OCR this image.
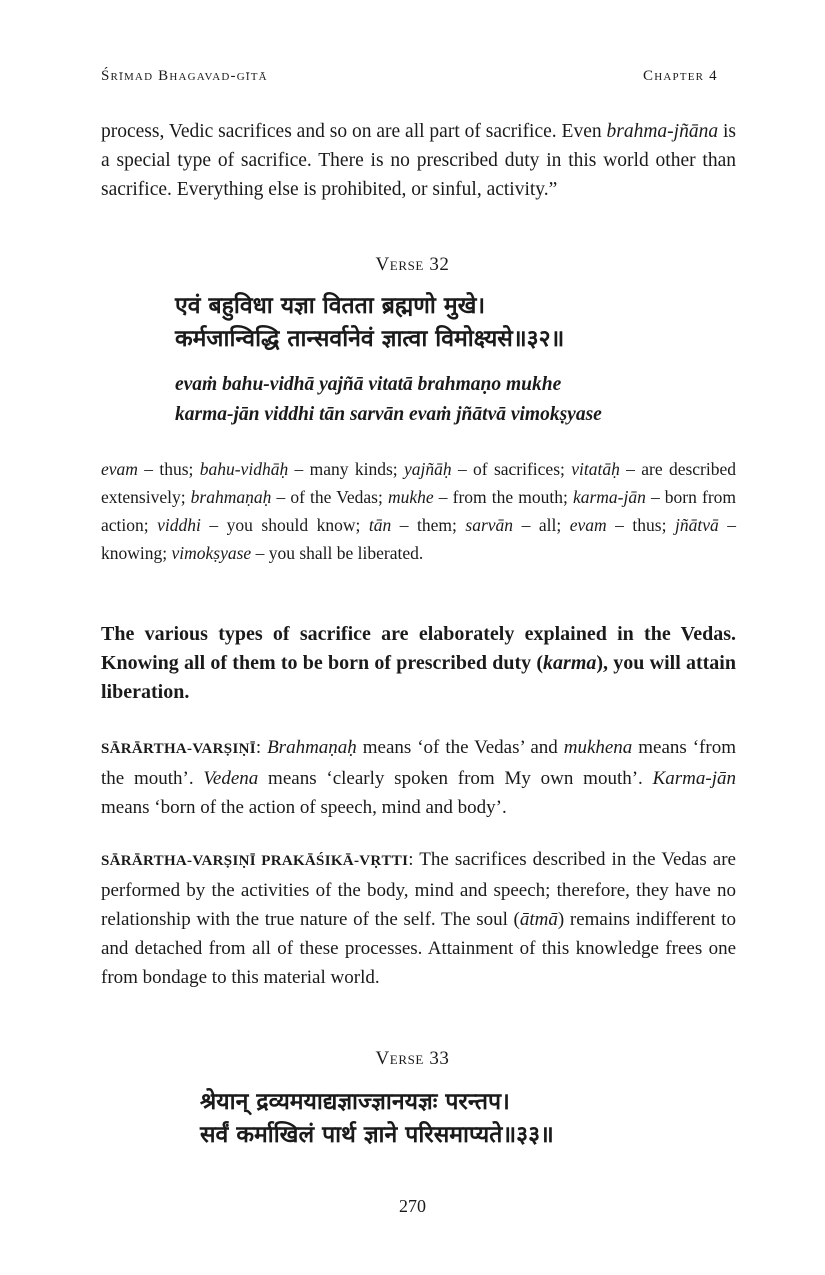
Śrīmad Bhagavad-gītā	Chapter 4

process, Vedic sacrifices and so on are all part of sacrifice. Even brahma-jñāna is a special type of sacrifice. There is no prescribed duty in this world other than sacrifice. Everything else is prohibited, or sinful, activity.”

Verse 32
एवं बहुविधा यज्ञा वितता ब्रह्मणो मुखे।
कर्मजान्विद्धि तान्सर्वानेवं ज्ञात्वा विमोक्ष्यसे॥३२॥
evaṁ bahu-vidhā yajñā vitatā brahmaṇo mukhe
karma-jān viddhi tān sarvān evaṁ jñātvā vimokṣyase

evam – thus; bahu-vidhāḥ – many kinds; yajñāḥ – of sacrifices; vitatāḥ – are described extensively; brahmaṇaḥ – of the Vedas; mukhe – from the mouth; karma-jān – born from action; viddhi – you should know; tān – them; sarvān – all; evam – thus; jñātvā – knowing; vimokṣyase – you shall be liberated.

The various types of sacrifice are elaborately explained in the Vedas. Knowing all of them to be born of prescribed duty (karma), you will attain liberation.

SĀRĀRTHA-VARṢIṆĪ: Brahmaṇaḥ means ‘of the Vedas’ and mukhena means ‘from the mouth’. Vedena means ‘clearly spoken from My own mouth’. Karma-jān means ‘born of the action of speech, mind and body’.

SĀRĀRTHA-VARṢIṆĪ PRAKĀŚIKĀ-VṚTTI: The sacrifices described in the Vedas are performed by the activities of the body, mind and speech; therefore, they have no relationship with the true nature of the self. The soul (ātmā) remains indifferent to and detached from all of these processes. Attainment of this knowledge frees one from bondage to this material world.

Verse 33
श्रेयान् द्रव्यमयाद्यज्ञाज्ज्ञानयज्ञः परन्तप।
सर्वं कर्माखिलं पार्थ ज्ञाने परिसमाप्यते॥३३॥
270
